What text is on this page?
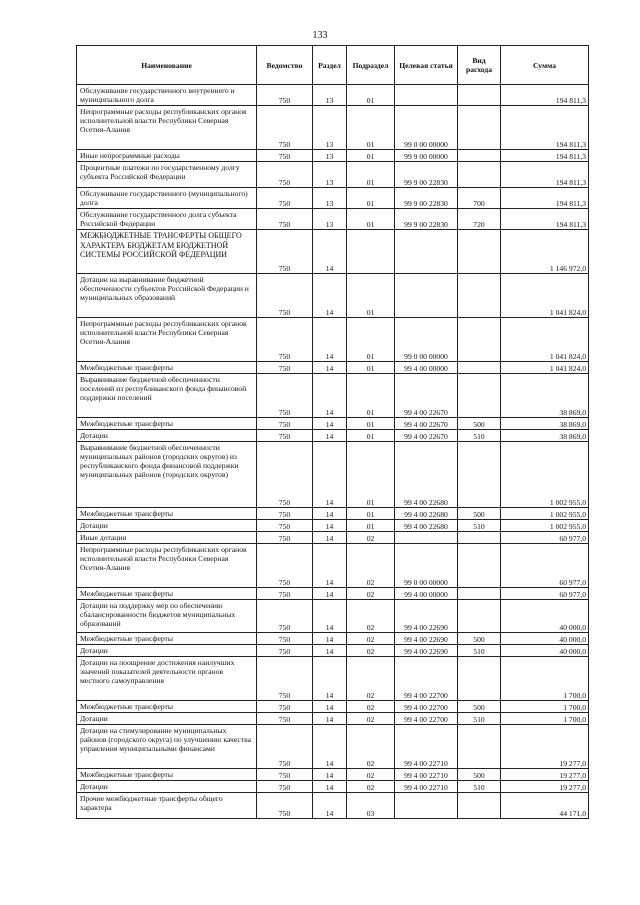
133
Наименование	Ведомство	Раздел	Подраздел	Целевая статья	Вид расхода	Сумма
Обслуживание государственного внутреннего и муниципального долга	750	13	01			194 811,3
Непрограммные расходы республиканских органов исполнительной власти Республики Северная Осетия-Алания	750	13	01	99 0 00 00000		194 811,3
Иные непрограммные расходы	750	13	01	99 9 00 00000		194 811,3
Процентные платежи по государственному долгу субъекта Российской Федерации	750	13	01	99 9 00 22830		194 811,3
Обслуживание государственного (муниципального) долга	750	13	01	99 9 00 22830	700	194 811,3
Обслуживание государственного долга субъекта Российской Федерации	750	13	01	99 9 00 22830	720	194 811,3
МЕЖБЮДЖЕТНЫЕ ТРАНСФЕРТЫ ОБЩЕГО ХАРАКТЕРА БЮДЖЕТАМ БЮДЖЕТНОЙ СИСТЕМЫ РОССИЙСКОЙ ФЕДЕРАЦИИ	750	14				1 146 972,0
Дотации на выравнивание бюджетной обеспеченности субъектов Российской Федерации и муниципальных образований	750	14	01			1 041 824,0
Непрограммные расходы республиканских органов исполнительной власти Республики Северная Осетия-Алания	750	14	01	99 0 00 00000		1 041 824,0
Межбюджетные трансферты	750	14	01	99 4 00 00000		1 041 824,0
Выравнивание бюджетной обеспеченности поселений из республиканского фонда финансовой поддержки поселений	750	14	01	99 4 00 22670		38 869,0
Межбюджетные трансферты	750	14	01	99 4 00 22670	500	38 869,0
Дотации	750	14	01	99 4 00 22670	510	38 869,0
Выравнивание бюджетной обеспеченности муниципальных районов (городских округов) из республиканского фонда финансовой поддержки муниципальных районов (городских округов)	750	14	01	99 4 00 22680		1 002 955,0
Межбюджетные трансферты	750	14	01	99 4 00 22680	500	1 002 955,0
Дотации	750	14	01	99 4 00 22680	510	1 002 955,0
Иные дотации	750	14	02			60 977,0
Непрограммные расходы республиканских органов исполнительной власти Республики Северная Осетия-Алания	750	14	02	99 0 00 00000		60 977,0
Межбюджетные трансферты	750	14	02	99 4 00 00000		60 977,0
Дотации на поддержку мер по обеспечению сбалансированности бюджетов муниципальных образований	750	14	02	99 4 00 22690		40 000,0
Межбюджетные трансферты	750	14	02	99 4 00 22690	500	40 000,0
Дотации	750	14	02	99 4 00 22690	510	40 000,0
Дотации на поощрение достижения наилучших значений показателей деятельности органов местного самоуправления	750	14	02	99 4 00 22700		1 700,0
Межбюджетные трансферты	750	14	02	99 4 00 22700	500	1 700,0
Дотации	750	14	02	99 4 00 22700	510	1 700,0
Дотации на стимулирование муниципальных районов (городского округа) по улучшению качества управления муниципальными финансами	750	14	02	99 4 00 22710		19 277,0
Межбюджетные трансферты	750	14	02	99 4 00 22710	500	19 277,0
Дотации	750	14	02	99 4 00 22710	510	19 277,0
Прочие межбюджетные трансферты общего характера	750	14	03			44 171,0
